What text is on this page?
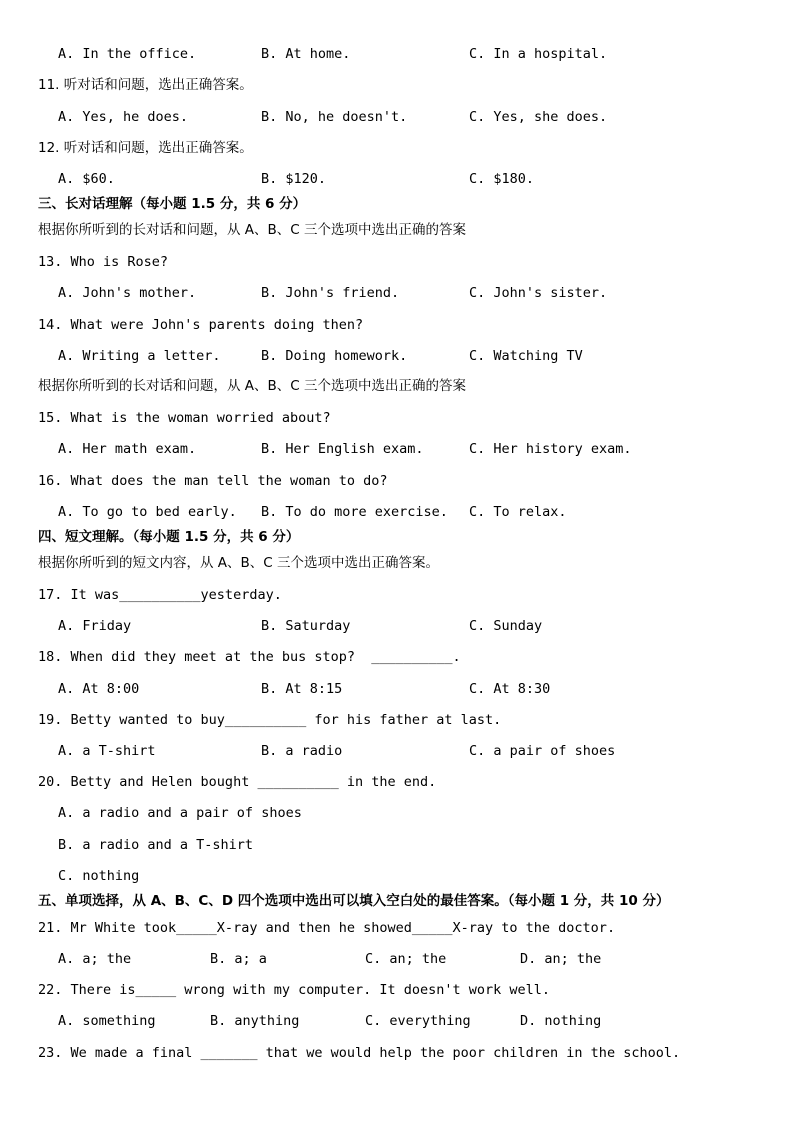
A. In the office.	B. At home.	C. In a hospital.
11. 听对话和问题，选出正确答案。
A. Yes, he does.	B. No, he doesn't.	C. Yes, she does.
12. 听对话和问题，选出正确答案。
A. $60.	B. $120.	C. $180.
三、长对话理解（每小题 1.5 分，共 6 分）
根据你所听到的长对话和问题，从 A、B、C 三个选项中选出正确的答案
13. Who is Rose?
A. John's mother.	B. John's friend.	C. John's sister.
14. What were John's parents doing then?
A. Writing a letter.	B. Doing homework.	C. Watching TV
根据你所听到的长对话和问题，从 A、B、C 三个选项中选出正确的答案
15. What is the woman worried about?
A. Her math exam.	B. Her English exam.	C. Her history exam.
16. What does the man tell the woman to do?
A. To go to bed early. B. To do more exercise. C. To relax.
四、短文理解。（每小题 1.5 分，共 6 分）
根据你所听到的短文内容，从 A、B、C 三个选项中选出正确答案。
17. It was__________yesterday.
A. Friday	B. Saturday	C. Sunday
18. When did they meet at the bus stop?  __________.
A. At 8:00	B. At 8:15	C. At 8:30
19. Betty wanted to buy__________ for his father at last.
A. a T-shirt	B. a radio	C. a pair of shoes
20. Betty and Helen bought __________ in the end.
A. a radio and a pair of shoes
B. a radio and a T-shirt
C. nothing
五、单项选择，从 A、B、C、D 四个选项中选出可以填入空白处的最佳答案。（每小题 1 分，共 10 分）
21. Mr White took_____X-ray and then he showed_____X-ray to the doctor.
A. a; the	B. a; a	C. an; the	D. an; the
22. There is_____ wrong with my computer. It doesn't work well.
A. something	B. anything	C. everything	D. nothing
23. We made a final _______ that we would help the poor children in the school.
